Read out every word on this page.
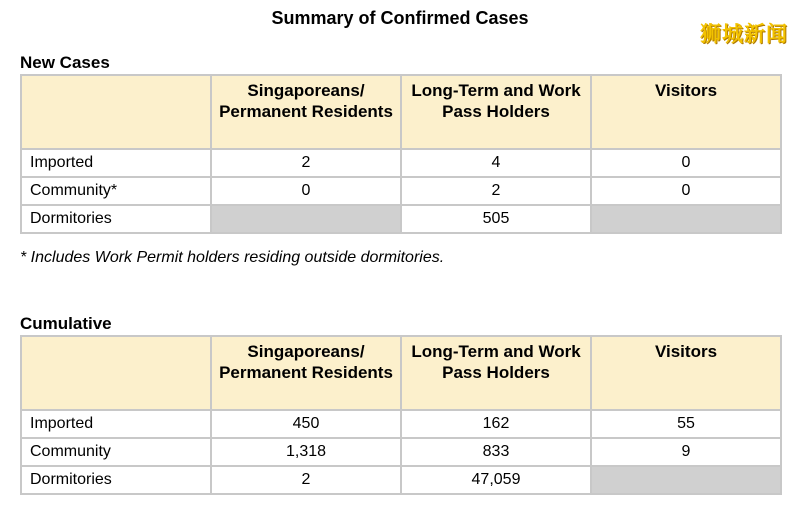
Summary of Confirmed Cases
狮城新闻
New Cases
	Singaporeans/ Permanent Residents	Long-Term and Work Pass Holders	Visitors
Imported	2	4	0
Community*	0	2	0
Dormitories		505	
* Includes Work Permit holders residing outside dormitories.
Cumulative
	Singaporeans/ Permanent Residents	Long-Term and Work Pass Holders	Visitors
Imported	450	162	55
Community	1,318	833	9
Dormitories	2	47,059	
